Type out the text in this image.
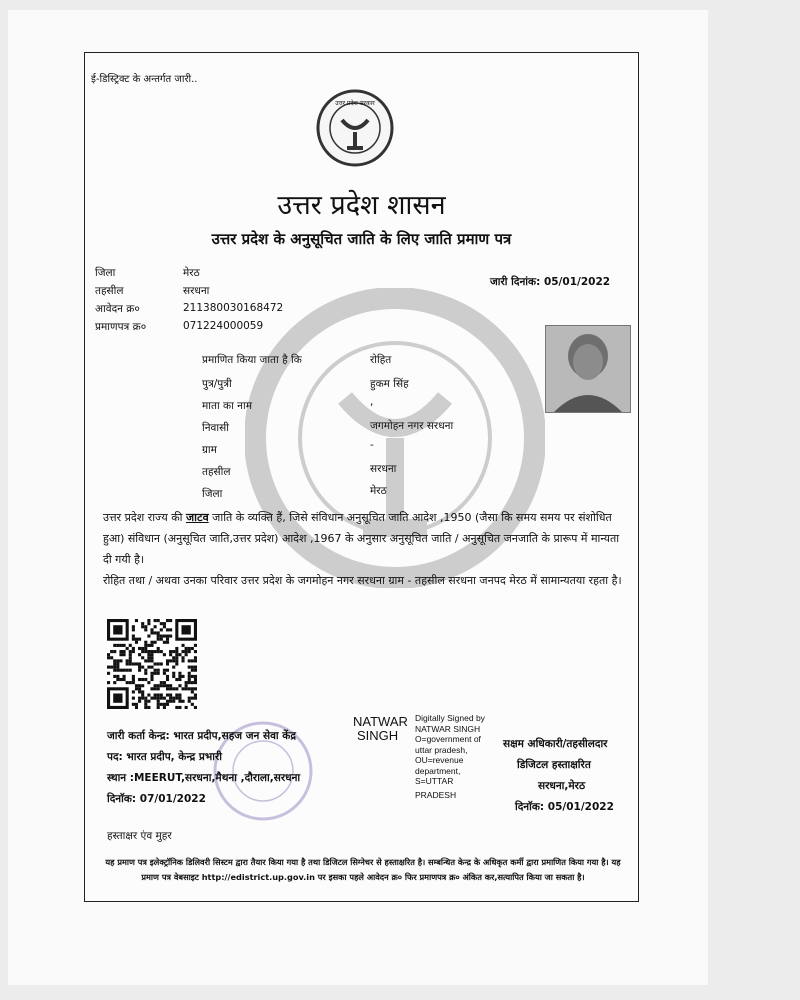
ई-डिस्ट्रिक्ट के अन्तर्गत जारी..
उत्तर प्रदेश सरकार
उत्तर प्रदेश शासन
उत्तर प्रदेश के अनुसूचित जाति के लिए जाति प्रमाण पत्र
जिला	मेरठ
तहसील	सरधना
आवेदन क्र०	211380030168472
प्रमाणपत्र क्र०	071224000059
जारी दिनांक: 05/01/2022
प्रमाणित किया जाता है कि	रोहित
पुत्र/पुत्री	हुकम सिंह
माता का नाम	,
निवासी	जगमोहन नगर सरधना
ग्राम	-
तहसील	सरधना
जिला	मेरठ
उत्तर प्रदेश राज्य की जाटव जाति के व्यक्ति हैं, जिसे संविधान अनुसूचित जाति आदेश ,1950 (जैसा कि समय समय पर संशोधित हुआ) संविधान (अनुसूचित जाति,उत्तर प्रदेश) आदेश ,1967 के अनुसार अनुसूचित जाति / अनुसूचित जनजाति के प्रारूप में मान्यता दी गयी है।
रोहित तथा / अथवा उनका परिवार उत्तर प्रदेश के जगमोहन नगर सरधना ग्राम - तहसील सरधना जनपद मेरठ में सामान्यतया रहता है।
जारी कर्ता केन्द्र: भारत प्रदीप,सहज जन सेवा केंद्र
पद: भारत प्रदीप, केन्द्र प्रभारी
स्थान :MEERUT,सरधना,मैथना ,दौराला,सरधना
दिनाॅक: 07/01/2022
NATWAR
SINGH
Digitally Signed by
NATWAR SINGH
O=government of
uttar pradesh,
OU=revenue
department,
S=UTTAR
PRADESH
सक्षम अधिकारी/तहसीलदार
डिजिटल हस्ताक्षरित
सरधना,मेरठ
दिनाॅक: 05/01/2022
हस्ताक्षर एंव मुहर
यह प्रमाण पत्र इलेक्ट्रॉनिक डिलिवरी सिस्टम द्वारा तैयार किया गया है तथा डिजिटल सिग्नेचर से हस्ताक्षरित है। सम्बन्धित केन्द्र के अधिकृत कर्मी द्वारा प्रमाणित किया गया है। यह प्रमाण पत्र वेबसाइट http://edistrict.up.gov.in पर इसका पहले आवेदन क्र० फिर प्रमाणपत्र क्र० अंकित कर,सत्यापित किया जा सकता है।
